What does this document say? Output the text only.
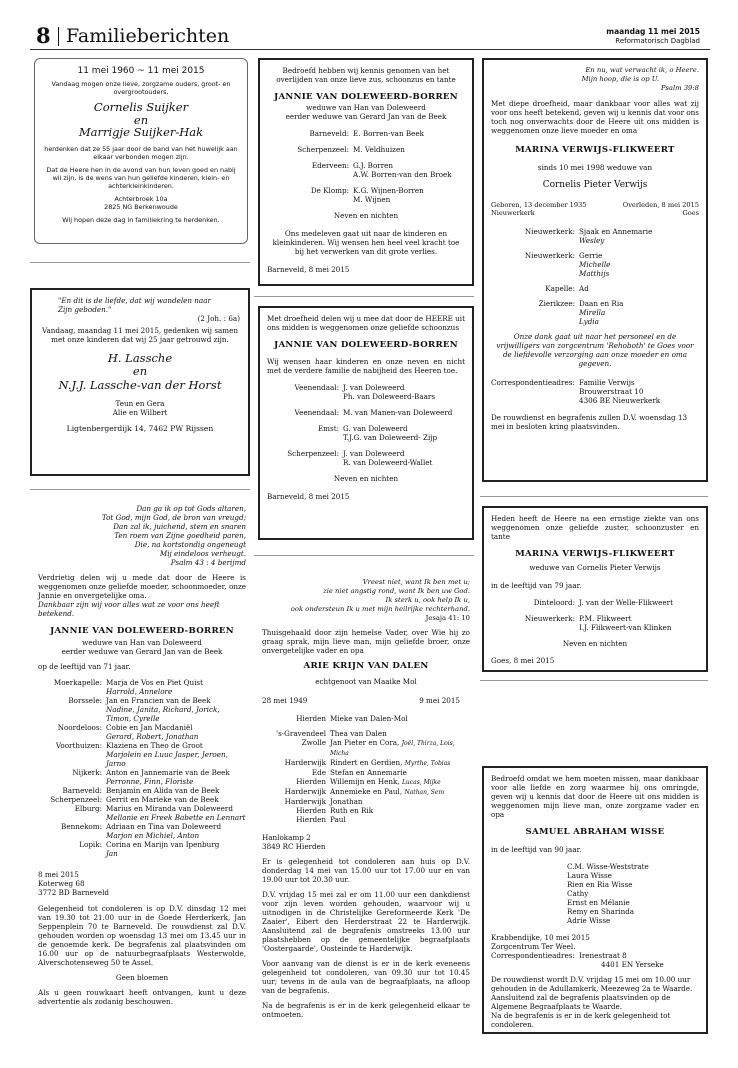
8 Familieberichten	maandag 11 mei 2015
Reformatorisch Dagblad
11 mei 1960 ~ 11 mei 2015
Vandaag mogen onze lieve, zorgzame ouders, groot- en overgrootouders,
Cornelis Suijker
en
Marrigje Suijker-Hak
herdenken dat ze 55 jaar door de band van het huwelijk aan elkaar verbonden mogen zijn.
Dat de Heere hen in de avond van hun leven goed en nabij wil zijn, is de wens van hun geliefde kinderen, klein- en achterkleinkinderen.
Achterbroek 10a
2825 NG Berkenwoude
Wij hopen deze dag in familiekring te herdenken.
"En dit is de liefde, dat wij wandelen naar Zijn geboden."
(2 Joh. : 6a)
Vandaag, maandag 11 mei 2015, gedenken wij samen met onze kinderen dat wij 25 jaar getrouwd zijn.
H. Lassche
en
N.J.J. Lassche-van der Horst
Teun en Gera
Alie en Wilbert
Ligtenbergerdijk 14, 7462 PW Rijssen
Dan ga ik op tot Gods altaren,
Tot God, mijn God, de bron van vreugd;
Dan zal ik, juichend, stem en snaren
Ten roem van Zijne goedheid paren,
Die, na kortstondig ongeneugt
Mij eindeloos verheugt.
Psalm 43 : 4 berijmd
Verdrietig delen wij u mede dat door de Heere is weggenomen onze geliefde moeder, schoonmoeder, onze Jannie en onvergetelijke oma.
Dankbaar zijn wij voor alles wat ze voor ons heeft betekend.
JANNIE VAN DOLEWEERD-BORREN
weduwe van Han van Doleweerd
eerder weduwe van Gerard Jan van de Beek
op de leeftijd van 71 jaar.
Moerkapelle: Marja de Vos en Piet Quist
Harrold, Annelore
Borssele: Jan en Francien van de Beek
Nadine, Janita, Richard, Jorick, Timon, Cyrelle
Noordeloos: Cobie en Jan Macdaniël
Gerard, Robert, Jonathan
Voorthuizen: Klaziena en Theo de Groot
Marjolein en Luuc Jasper, Jeroen, Jarno
Nijkerk: Anton en Jannemarie van de Beek
Perronne, Finn, Floriste
Barneveld: Benjamin en Alida van de Beek
Scherpenzeel: Gerrit en Marieke van de Beek
Elburg: Marius en Miranda van Doleweerd
Mellanie en Freek Babette en Lennart
Bennekom: Adriaan en Tina van Doleweerd
Marjon en Michiel, Anton
Lopik: Corina en Marijn van Ipenburg
Jan
8 mei 2015
Koterweg 68
3772 BD Barneveld
Gelegenheid tot condoleren is op D.V. dinsdag 12 mei van 19.30 tot 21.00 uur in de Goede Herderkerk, Jan Seppenplein 70 te Barneveld. De rouwdienst zal D.V. gehouden worden op woensdag 13 mei om 13.45 uur in de genoemde kerk. De begrafenis zal plaatsvinden om 16.00 uur op de natuurbegraafplaats Westerwolde, Alverschotenseweg 50 te Assel.
Geen bloemen
Als u geen rouwkaart heeft ontvangen, kunt u deze advertentie als zodanig beschouwen.
Bedroefd hebben wij kennis genomen van het overlijden van onze lieve zus, schoonzus en tante
JANNIE VAN DOLEWEERD-BORREN
weduwe van Han van Doleweerd
eerder weduwe van Gerard Jan van de Beek
Barneveld: E. Borren-van Beek
Scherpenzeel: M. Veldhuizen
Ederveen: G.J. Borren
A.W. Borren-van den Broek
De Klomp: K.G. Wijnen-Borren
M. Wijnen
Neven en nichten
Ons medeleven gaat uit naar de kinderen en kleinkinderen. Wij wensen hen heel veel kracht toe bij het verwerken van dit grote verlies.
Barneveld, 8 mei 2015
Met droefheid delen wij u mee dat door de HEERE uit ons midden is weggenomen onze geliefde schoonzus
JANNIE VAN DOLEWEERD-BORREN
Wij wensen haar kinderen en onze neven en nicht met de verdere familie de nabijheid des Heeren toe.
Veenendaal: J. van Doleweerd
Ph. van Doleweerd-Baars
Veenendaal: M. van Manen-van Doleweerd
Emst: G. van Doleweerd
T.J.G. van Doleweerd- Zijp
Scherpenzeel: J. van Doleweerd
R. van Doleweerd-Wallet
Neven en nichten
Barneveld, 8 mei 2015
Vreest niet, want Ik ben met u;
zie niet angstig rond, want Ik ben uw God.
Ik sterk u, ook help Ik u,
ook ondersteun Ik u met mijn heilrijke rechterhand.
Jesaja 41: 10
Thuisgehaald door zijn hemelse Vader, over Wie hij zo graag sprak, mijn lieve man, mijn geliefde broer, onze onvergetelijke vader en opa
ARIE KRIJN VAN DALEN
echtgenoot van Maaike Mol
28 mei 1949	9 mei 2015
Hierden Mieke van Dalen-Mol
's-Gravendeel Thea van Dalen
Zwolle Jan Pieter en Cora, Joël, Thirza, Lois, Micha
Harderwijk Rindert en Gerdien, Myrthe, Tobias
Ede Stefan en Annemarie
Hierden Willemijn en Henk, Lucas, Mijke
Harderwijk Annemieke en Paul, Nathan, Sem
Harderwijk Jonathan
Hierden Ruth en Rik
Hierden Paul
Hanlokamp 2
3849 RC Hierden
Er is gelegenheid tot condoleren aan huis op D.V. donderdag 14 mei van 15.00 uur tot 17.00 uur en van 19.00 uur tot 20.30 uur.
D.V. vrijdag 15 mei zal er om 11.00 uur een dankdienst voor zijn leven worden gehouden, waarvoor wij u uitnodigen in de Christelijke Gereformeerde Kerk 'De Zaaier', Eibert den Herderstraat 22 te Harderwijk. Aansluitend zal de begrafenis omstreeks 13.00 uur plaatshebben op de gemeentelijke begraafplaats 'Oostergaarde', Oosteinde te Harderwijk.
Voor aanvang van de dienst is er in de kerk eveneens gelegenheid tot condoleren, van 09.30 uur tot 10.45 uur; tevens in de aula van de begraafplaats, na afloop van de begrafenis.
Na de begrafenis is er in de kerk gelegenheid elkaar te ontmoeten.
En nu, wat verwacht ik, o Heere.
Mijn hoop, die is op U.
Psalm 39:8
Met diepe droefheid, maar dankbaar voor alles wat zij voor ons heeft betekend, geven wij u kennis dat voor ons toch nog onverwachts door de Heere uit ons midden is weggenomen onze lieve moeder en oma
MARINA VERWIJS-FLIKWEERT
sinds 10 mei 1998 weduwe van
Cornelis Pieter Verwijs
Geboren, 13 december 1935
Nieuwerkerk
Overleden, 8 mei 2015
Goes
Nieuwerkerk: Sjaak en Annemarie
Wesley
Nieuwerkerk: Gerrie
Michelle
Matthijs
Kapelle: Ad
Zierikzee: Daan en Ria
Mirella
Lydia
Onze dank gaat uit naar het personeel en de vrijwilligers van zorgcentrum 'Rehoboth' te Goes voor de liefdevolle verzorging aan onze moeder en oma gegeven.
Correspondentieadres: Familie Verwijs
Brouwerstraat 10
4306 BE Nieuwerkerk
De rouwdienst en begrafenis zullen D.V. woensdag 13 mei in besloten kring plaatsvinden.
Heden heeft de Heere na een ernstige ziekte van ons weggenomen onze geliefde zuster, schoonzuster en tante
MARINA VERWIJS-FLIKWEERT
weduwe van Cornelis Pieter Verwijs
in de leeftijd van 79 jaar.
Dinteloord: J. van der Welle-Flikweert
Nieuwerkerk: P.M. Flikweert
I.J. Flikweert-van Klinken
Neven en nichten
Goes, 8 mei 2015
Bedroefd omdat we hem moeten missen, maar dankbaar voor alle liefde en zorg waarmee hij ons omringde, geven wij u kennis dat door de Heere uit ons midden is weggenomen mijn lieve man, onze zorgzame vader en opa
SAMUEL ABRAHAM WISSE
in de leeftijd van 90 jaar.
C.M. Wisse-Weststrate
Laura Wisse
Rien en Ria Wisse
Cathy
Ernst en Mélanie
Remy en Sharinda
Adrie Wisse
Krabbendijke, 10 mei 2015
Zorgcentrum Ter Weel.
Correspondentieadres: Irenestraat 8
4401 EN Yerseke
De rouwdienst wordt D.V. vrijdag 15 mei om 10.00 uur gehouden in de Adullamkerk, Meezeweg 2a te Waarde.
Aansluitend zal de begrafenis plaatsvinden op de Algemene Begraafplaats te Waarde.
Na de begrafenis is er in de kerk gelegenheid tot condoleren.
